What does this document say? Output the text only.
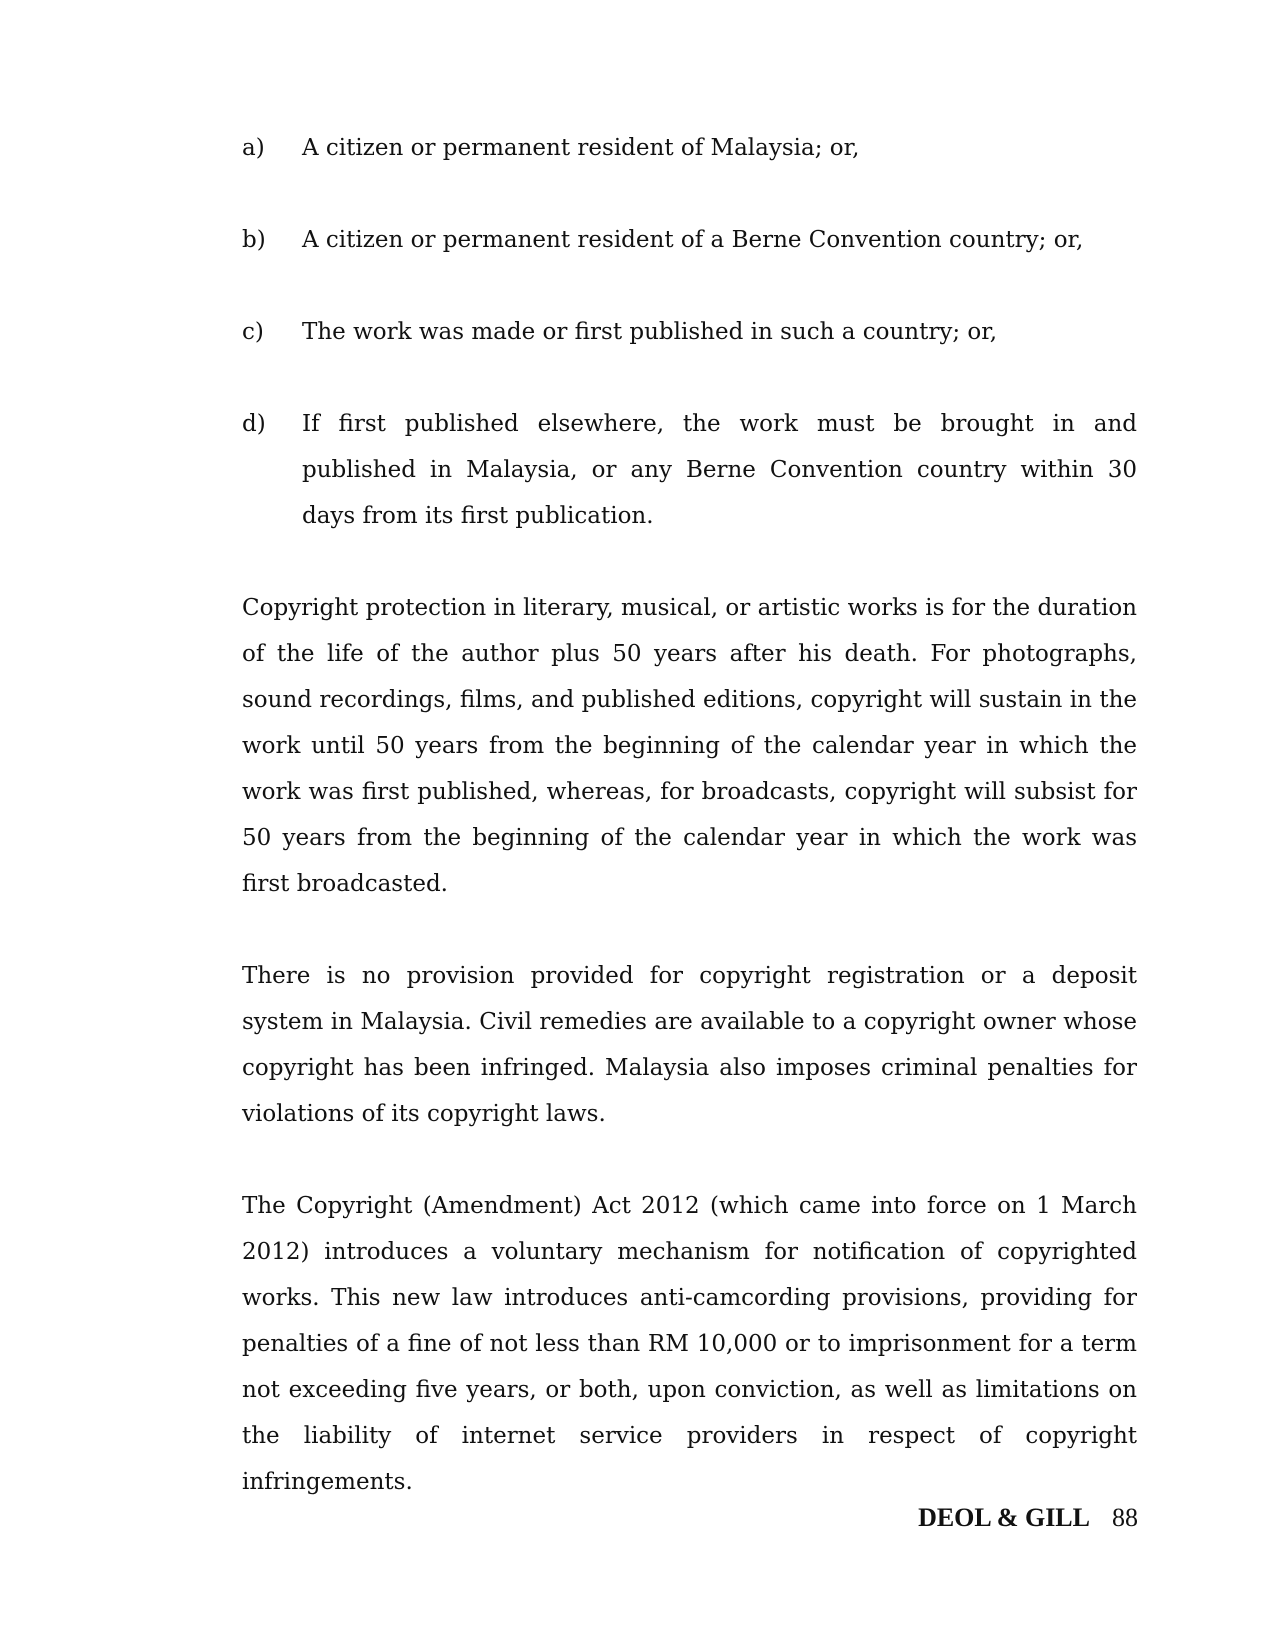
a)	A citizen or permanent resident of Malaysia; or,
b)	A citizen or permanent resident of a Berne Convention country; or,
c)	The work was made or first published in such a country; or,
d)	If first published elsewhere, the work must be brought in and published in Malaysia, or any Berne Convention country within 30 days from its first publication.

Copyright protection in literary, musical, or artistic works is for the duration of the life of the author plus 50 years after his death. For photographs, sound recordings, films, and published editions, copyright will sustain in the work until 50 years from the beginning of the calendar year in which the work was first published, whereas, for broadcasts, copyright will subsist for 50 years from the beginning of the calendar year in which the work was first broadcasted.

There is no provision provided for copyright registration or a deposit system in Malaysia. Civil remedies are available to a copyright owner whose copyright has been infringed. Malaysia also imposes criminal penalties for violations of its copyright laws.

The Copyright (Amendment) Act 2012 (which came into force on 1 March 2012) introduces a voluntary mechanism for notification of copyrighted works. This new law introduces anti-camcording provisions, providing for penalties of a fine of not less than RM 10,000 or to imprisonment for a term not exceeding five years, or both, upon conviction, as well as limitations on the liability of internet service providers in respect of copyright infringements.

DEOL & GILL 88
